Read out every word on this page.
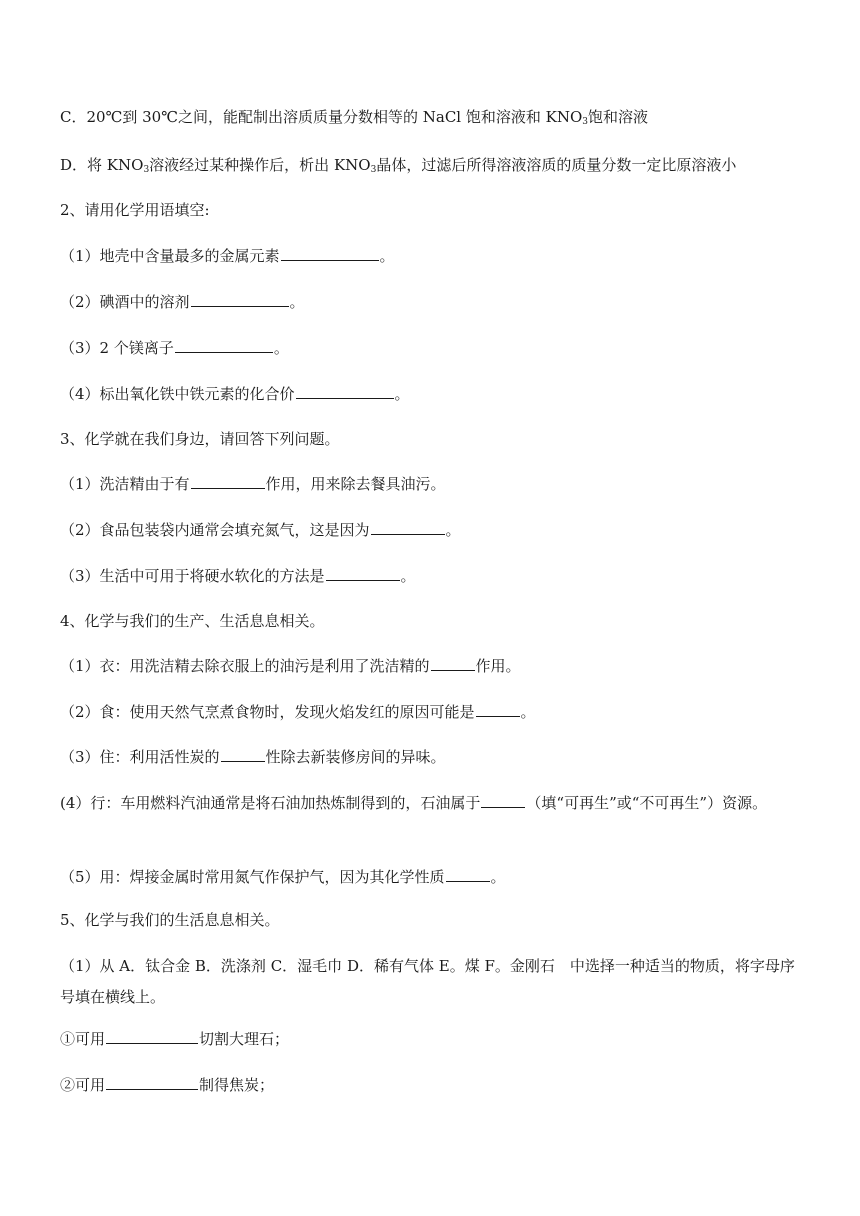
C．20℃到 30℃之间，能配制出溶质质量分数相等的 NaCl 饱和溶液和 $KNO_3$饱和溶液
D．将 $KNO_3$溶液经过某种操作后，析出 $KNO_3$晶体，过滤后所得溶液溶质的质量分数一定比原溶液小
2、请用化学用语填空:
（1）地壳中含量最多的金属元素	。
（2）碘酒中的溶剂	。
（3）2 个镁离子	。
（4）标出氧化铁中铁元素的化合价	。
3、化学就在我们身边，请回答下列问题。
（1）洗洁精由于有	作用，用来除去餐具油污。
（2）食品包装袋内通常会填充氮气，这是因为	。
（3）生活中可用于将硬水软化的方法是	。
4、化学与我们的生产、生活息息相关。
（1）衣：用洗洁精去除衣服上的油污是利用了洗洁精的	作用。
（2）食：使用天然气烹煮食物时，发现火焰发红的原因可能是	。
（3）住：利用活性炭的	性除去新装修房间的异味。
(4）行：车用燃料汽油通常是将石油加热炼制得到的，石油属于	（填“可再生”或“不可再生”）资源。
（5）用：焊接金属时常用氮气作保护气，因为其化学性质	。
5、化学与我们的生活息息相关。
（1）从 A．钛合金 B．洗涤剂 C．湿毛巾 D．稀有气体 E。煤 F。金刚石　中选择一种适当的物质，将字母序号填在横线上。
①可用	切割大理石；
②可用	制得焦炭；
